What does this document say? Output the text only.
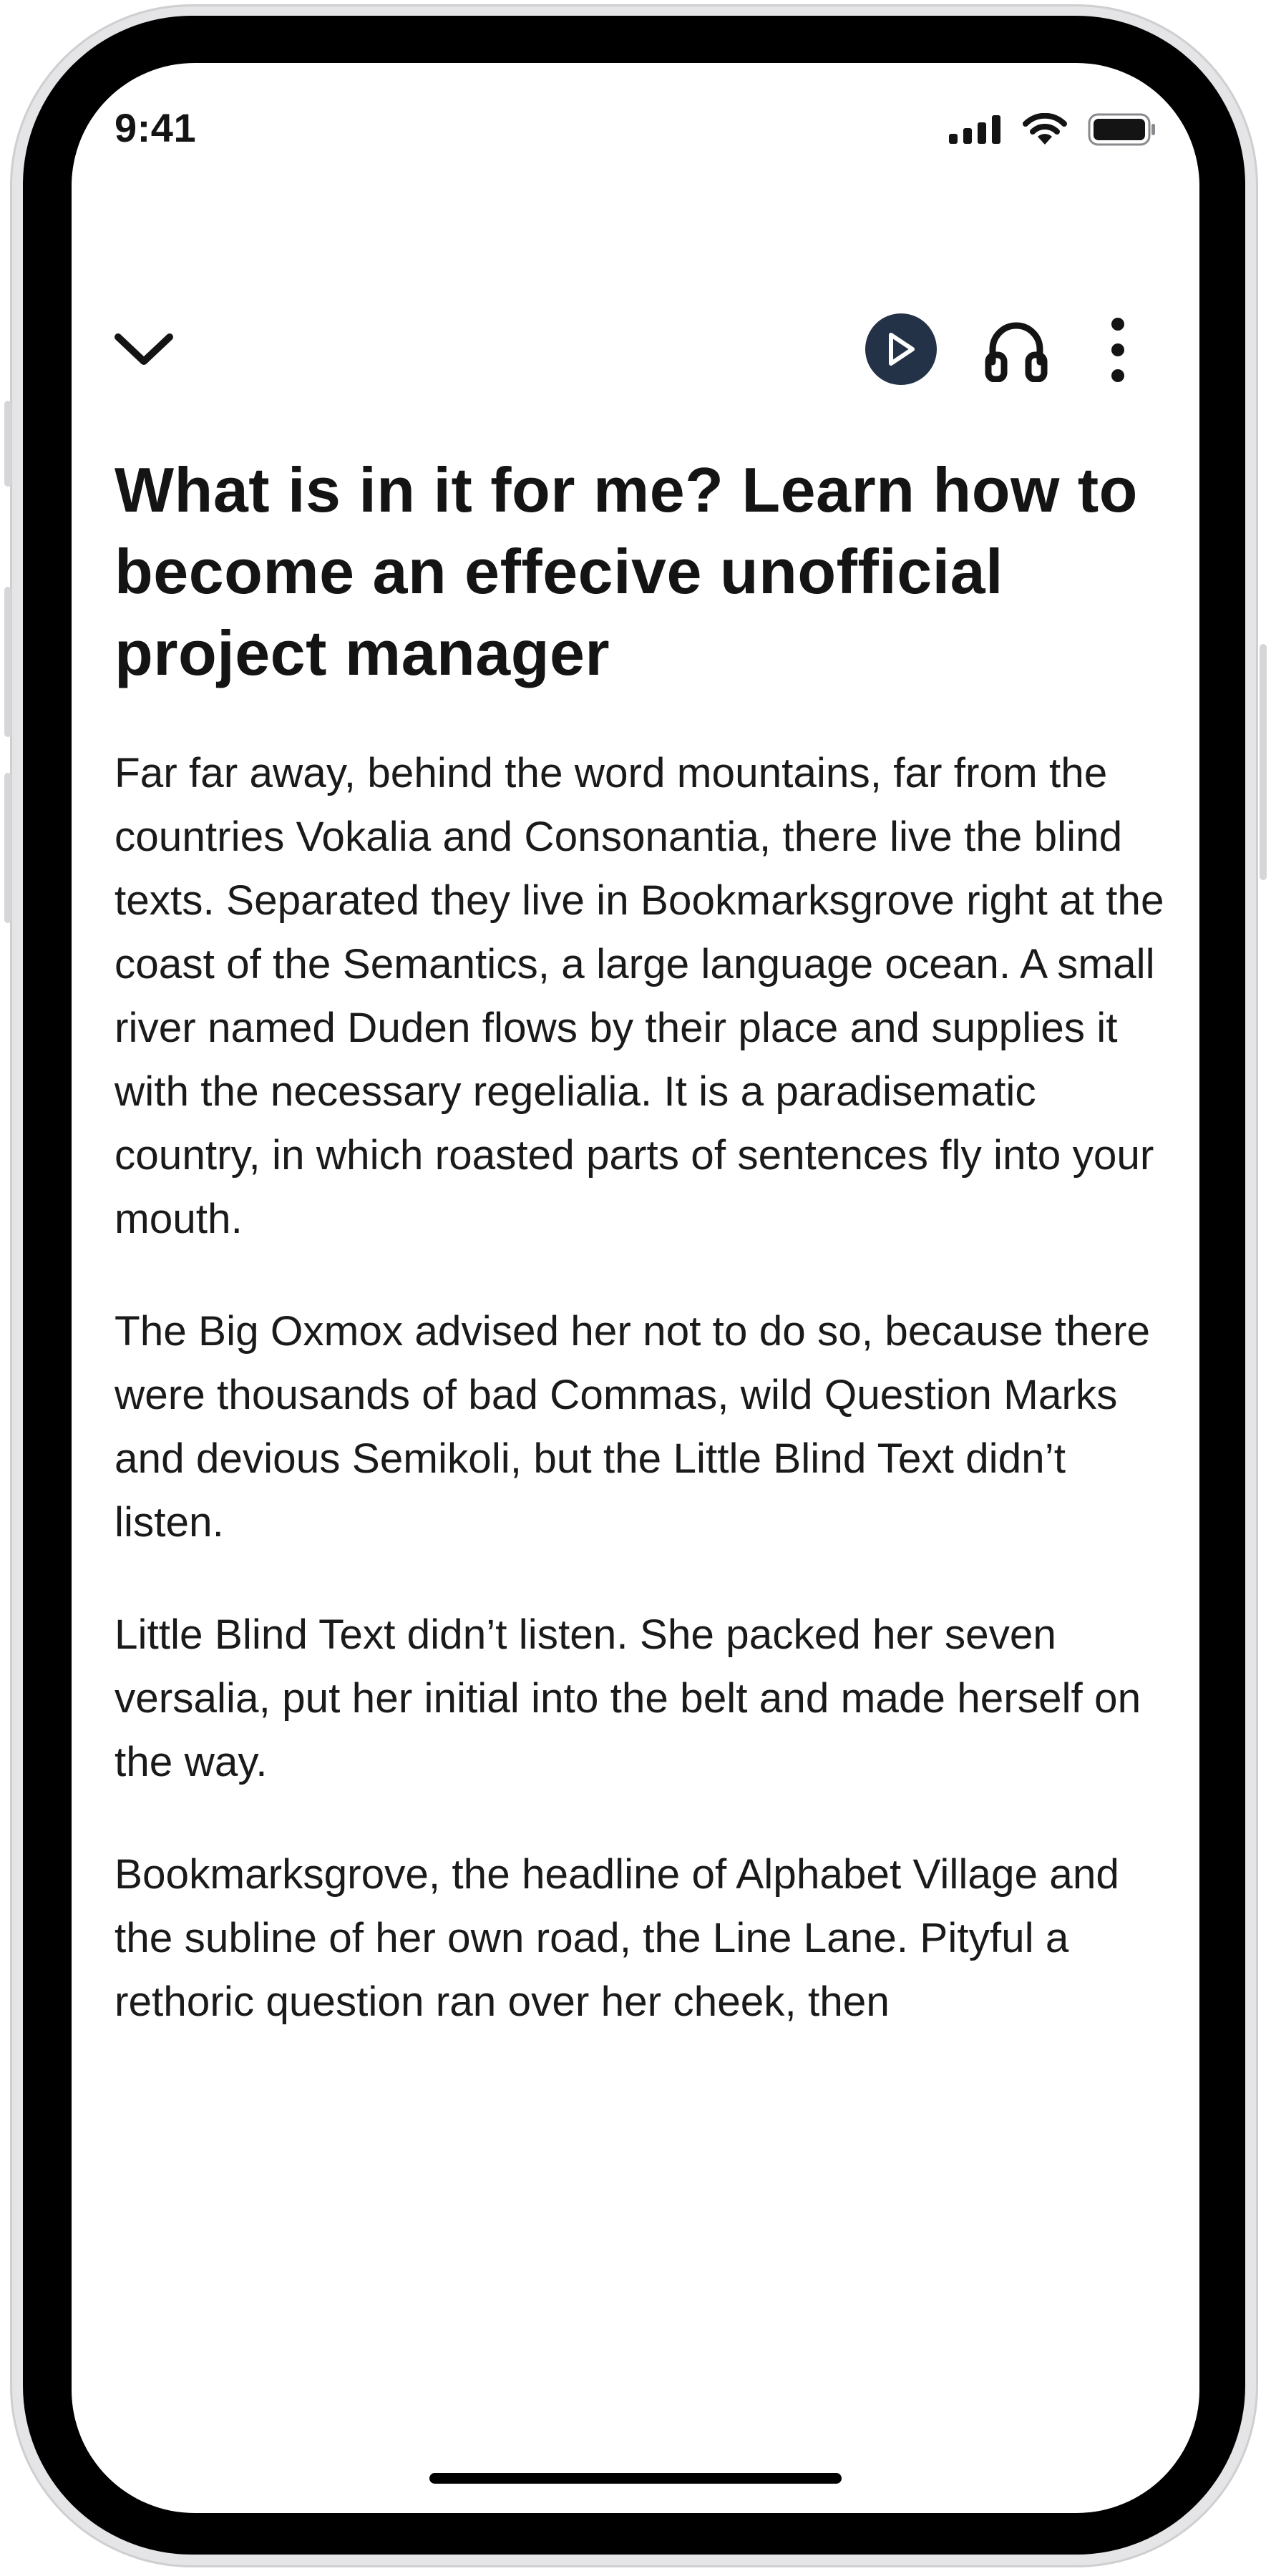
9:41
What is in it for me? Learn how to become an effecive unofficial project manager

Far far away, behind the word mountains, far from the countries Vokalia and Consonantia, there live the blind texts. Separated they live in Bookmarksgrove right at the coast of the Semantics, a large language ocean. A small river named Duden flows by their place and supplies it with the necessary regelialia. It is a paradisematic country, in which roasted parts of sentences fly into your mouth.

The Big Oxmox advised her not to do so, because there were thousands of bad Commas, wild Question Marks and devious Semikoli, but the Little Blind Text didn’t listen.

Little Blind Text didn’t listen. She packed her seven versalia, put her initial into the belt and made herself on the way.

Bookmarksgrove, the headline of Alphabet Village and the subline of her own road, the Line Lane. Pityful a rethoric question ran over her cheek, then
